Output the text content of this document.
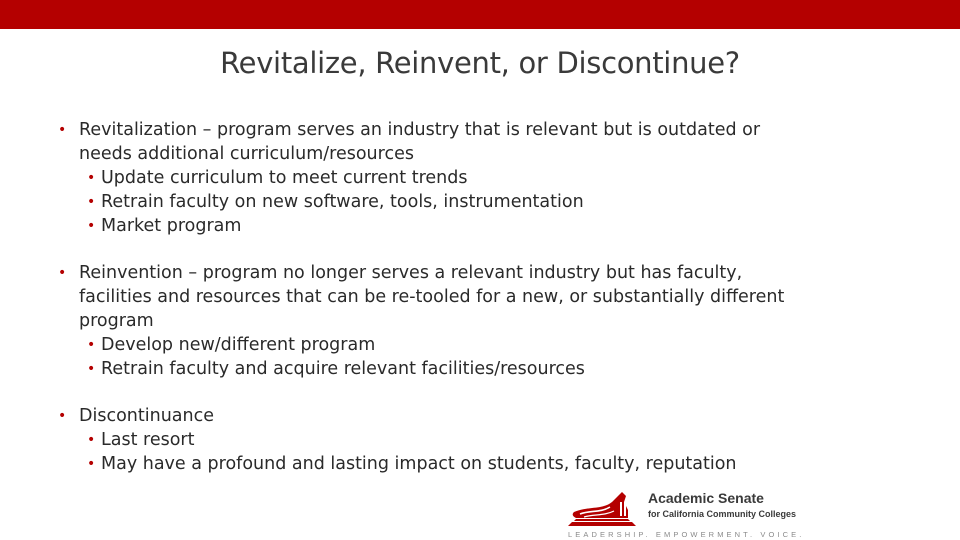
Revitalize, Reinvent, or Discontinue?
• Revitalization – program serves an industry that is relevant but is outdated or
needs additional curriculum/resources
• Update curriculum to meet current trends
• Retrain faculty on new software, tools, instrumentation
• Market program
• Reinvention – program no longer serves a relevant industry but has faculty,
facilities and resources that can be re-tooled for a new, or substantially different
program
• Develop new/different program
• Retrain faculty and acquire relevant facilities/resources
• Discontinuance
• Last resort
• May have a profound and lasting impact on students, faculty, reputation
Academic Senate
for California Community Colleges
LEADERSHIP. EMPOWERMENT. VOICE.
